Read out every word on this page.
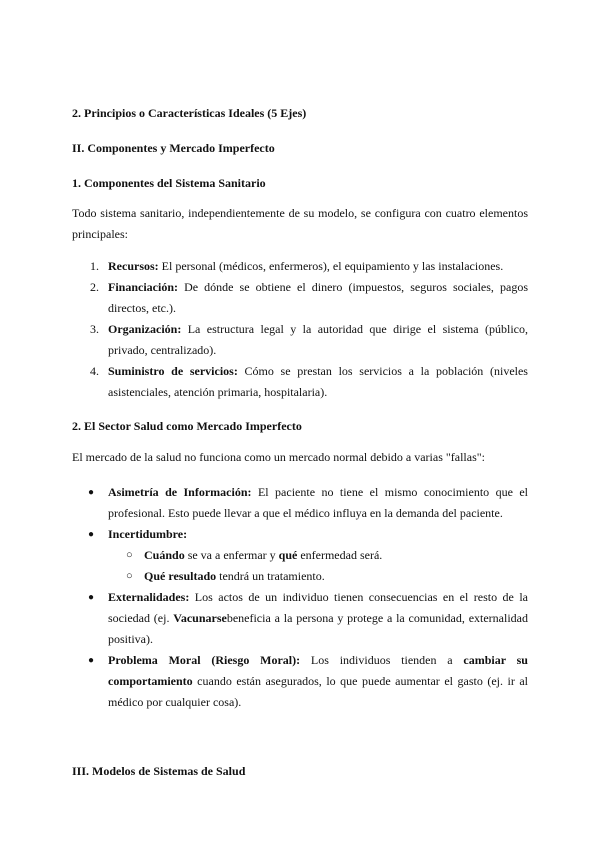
2. Principios o Características Ideales (5 Ejes)
II. Componentes y Mercado Imperfecto
1. Componentes del Sistema Sanitario
Todo sistema sanitario, independientemente de su modelo, se configura con cuatro elementos principales:
1. Recursos: El personal (médicos, enfermeros), el equipamiento y las instalaciones.
2. Financiación: De dónde se obtiene el dinero (impuestos, seguros sociales, pagos directos, etc.).
3. Organización: La estructura legal y la autoridad que dirige el sistema (público, privado, centralizado).
4. Suministro de servicios: Cómo se prestan los servicios a la población (niveles asistenciales, atención primaria, hospitalaria).
2. El Sector Salud como Mercado Imperfecto
El mercado de la salud no funciona como un mercado normal debido a varias "fallas":
● Asimetría de Información: El paciente no tiene el mismo conocimiento que el profesional. Esto puede llevar a que el médico influya en la demanda del paciente.
● Incertidumbre:
○ Cuándo se va a enfermar y qué enfermedad será.
○ Qué resultado tendrá un tratamiento.
● Externalidades: Los actos de un individuo tienen consecuencias en el resto de la sociedad (ej. Vacunarsebeneficia a la persona y protege a la comunidad, externalidad positiva).
● Problema Moral (Riesgo Moral): Los individuos tienden a cambiar su comportamiento cuando están asegurados, lo que puede aumentar el gasto (ej. ir al médico por cualquier cosa).
III. Modelos de Sistemas de Salud
